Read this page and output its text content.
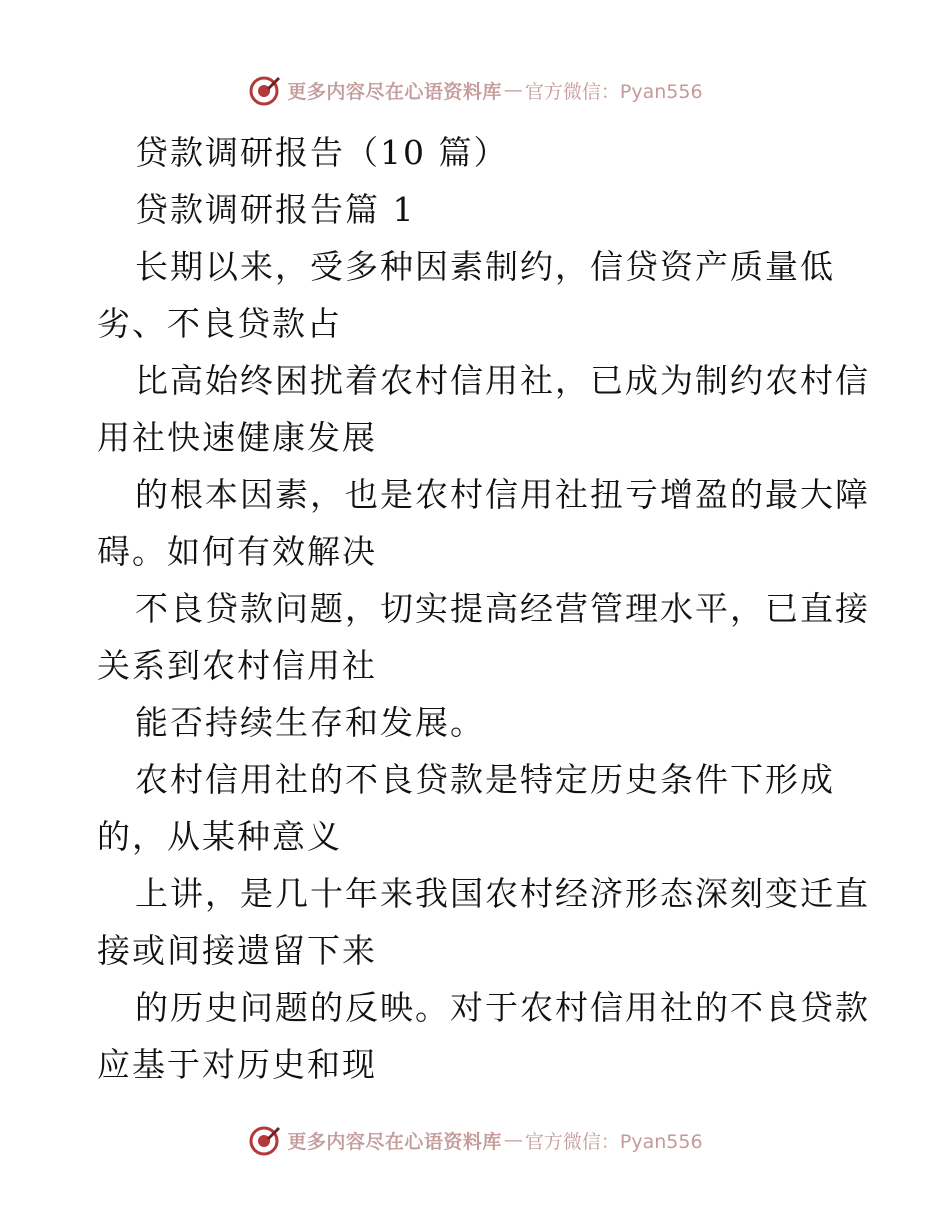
更多内容尽在心语资料库 — 官方微信：Pyan556
贷款调研报告（10 篇）
贷款调研报告篇 1
长期以来，受多种因素制约，信贷资产质量低
劣、不良贷款占
比高始终困扰着农村信用社，已成为制约农村信
用社快速健康发展
的根本因素，也是农村信用社扭亏增盈的最大障
碍。如何有效解决
不良贷款问题，切实提高经营管理水平，已直接
关系到农村信用社
能否持续生存和发展。
农村信用社的不良贷款是特定历史条件下形成
的，从某种意义
上讲，是几十年来我国农村经济形态深刻变迁直
接或间接遗留下来
的历史问题的反映。对于农村信用社的不良贷款
应基于对历史和现
更多内容尽在心语资料库 — 官方微信：Pyan556
